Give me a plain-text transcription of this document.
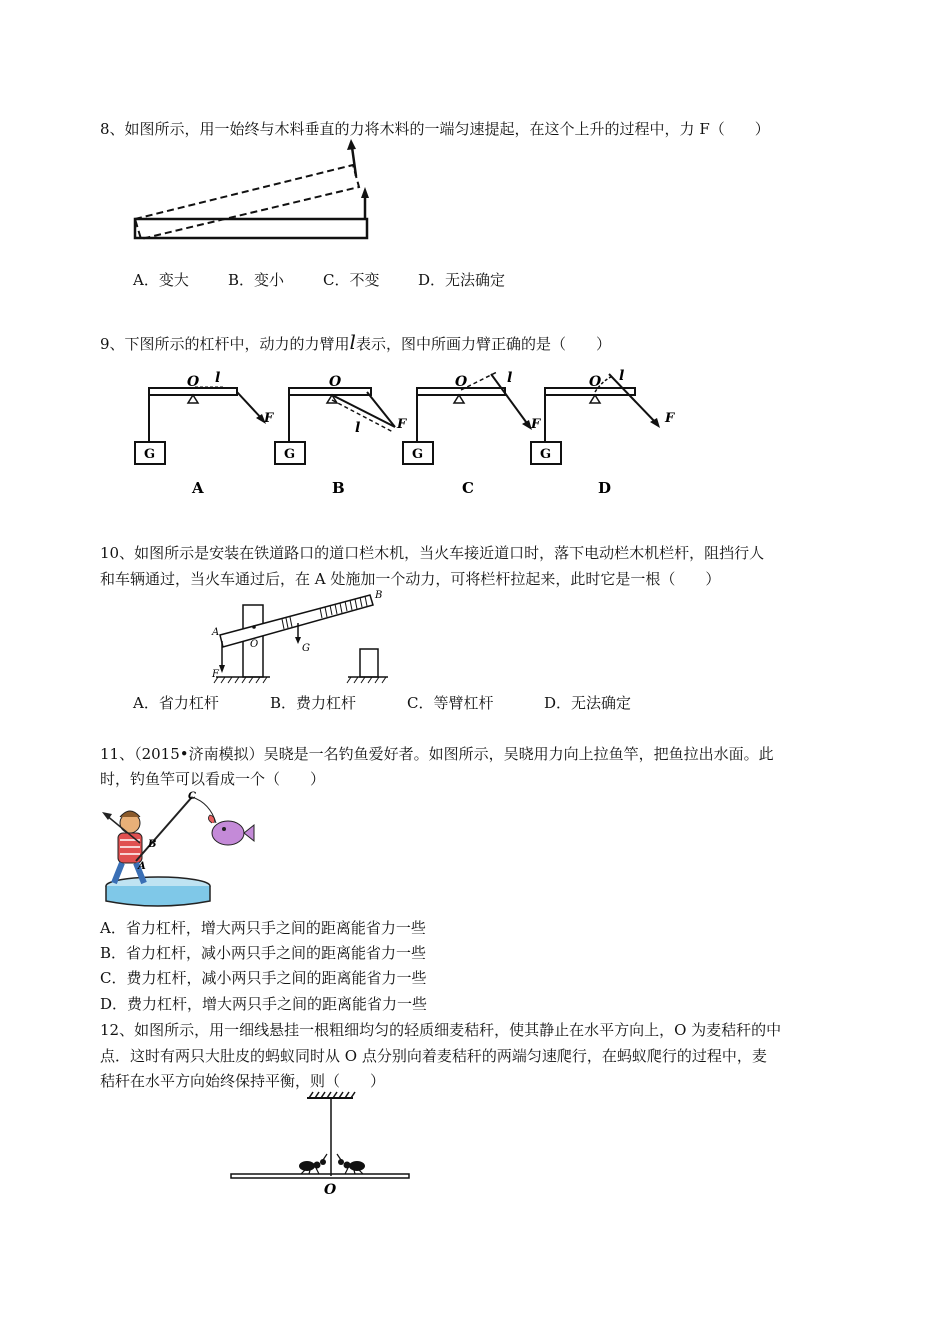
8、如图所示，用一始终与木料垂直的力将木料的一端匀速提起，在这个上升的过程中，力 F（　　）
A．变大	B．变小	C．不变	D．无法确定
9、下图所示的杠杆中，动力的力臂用l表示，图中所画力臂正确的是（　　）
O l
F
G
O
l	F
G
O	l
F
G
O l
F
G
A	B	C	D
10、如图所示是安装在铁道路口的道口栏木机，当火车接近道口时，落下电动栏木机栏杆，阻挡行人
和车辆通过，当火车通过后，在 A 处施加一个动力，可将栏杆拉起来，此时它是一根（　　）
A
B
O	G
F
A．省力杠杆	B．费力杠杆	C．等臂杠杆	D．无法确定
11、（2015•济南模拟）吴晓是一名钓鱼爱好者。如图所示，吴晓用力向上拉鱼竿，把鱼拉出水面。此
时，钓鱼竿可以看成一个（　　）
C
B
A
A．省力杠杆，增大两只手之间的距离能省力一些
B．省力杠杆，减小两只手之间的距离能省力一些
C．费力杠杆，减小两只手之间的距离能省力一些
D．费力杠杆，增大两只手之间的距离能省力一些
12、如图所示，用一细线悬挂一根粗细均匀的轻质细麦秸秆，使其静止在水平方向上，O 为麦秸秆的中
点．这时有两只大肚皮的蚂蚁同时从 O 点分别向着麦秸秆的两端匀速爬行，在蚂蚁爬行的过程中，麦
秸秆在水平方向始终保持平衡，则（　　）
O
